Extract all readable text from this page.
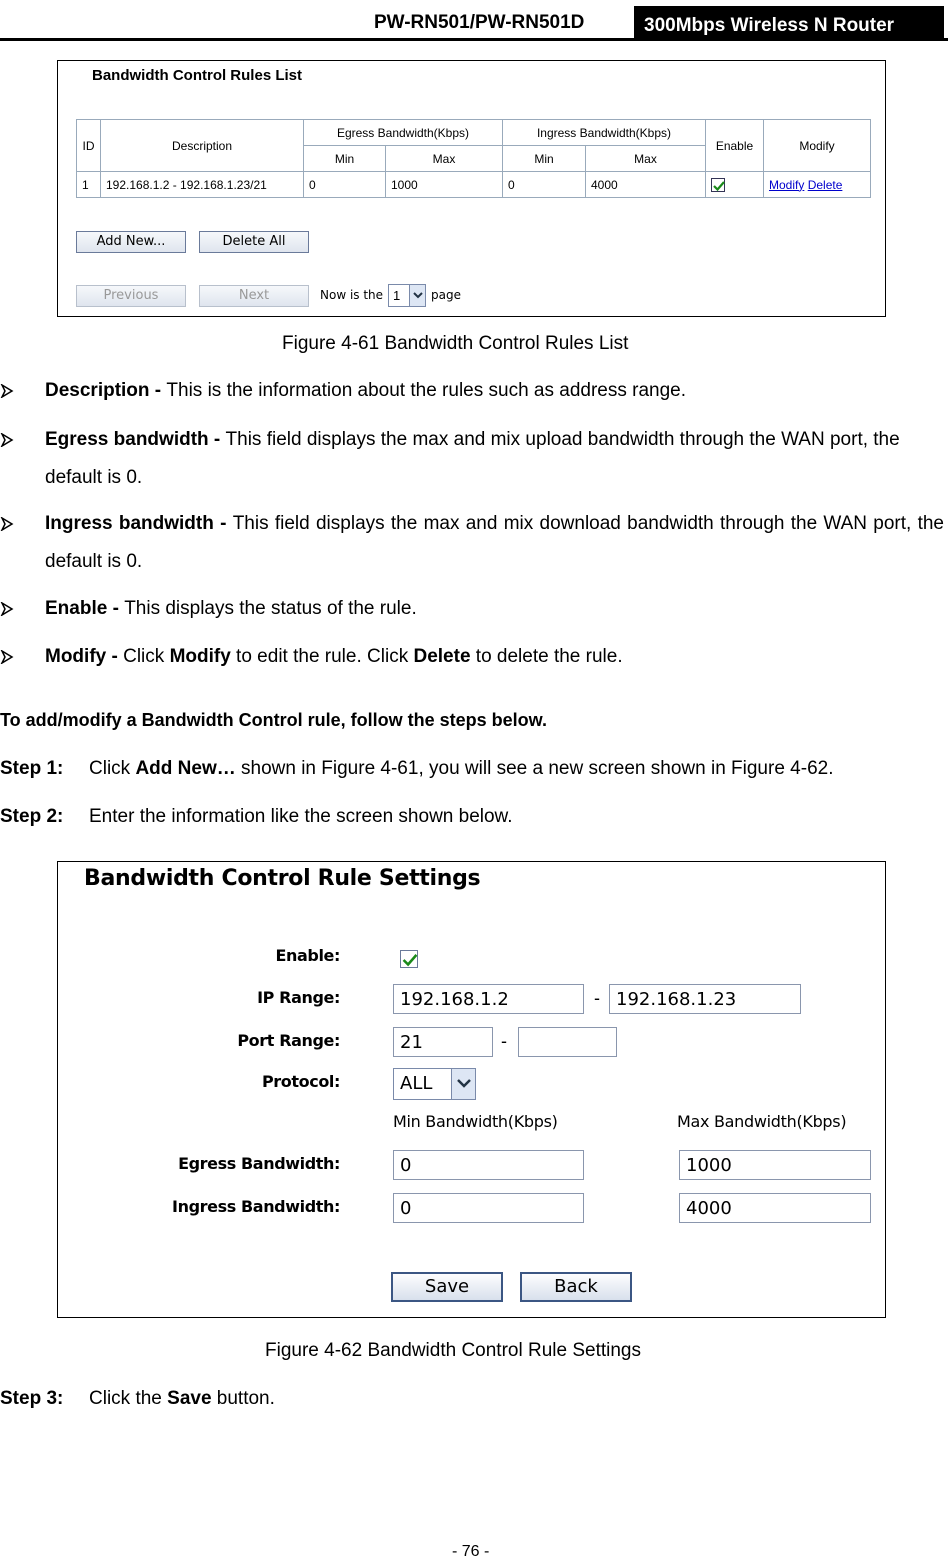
PW-RN501/PW-RN501D	300Mbps Wireless N Router
Bandwidth Control Rules List
ID	Description	Egress Bandwidth(Kbps)		Ingress Bandwidth(Kbps)		Enable	Modify
		Min	Max	Min	Max		
1	192.168.1.2 - 192.168.1.23/21	0	1000	0	4000		Modify Delete
Add New...	Delete All
Previous	Next	Now is the 1	page
Figure 4-61 Bandwidth Control Rules List
Description - This is the information about the rules such as address range.
Egress bandwidth - This field displays the max and mix upload bandwidth through the WAN port, the default is 0.
Ingress bandwidth - This field displays the max and mix download bandwidth through the WAN port, the default is 0.
Enable - This displays the status of the rule.
Modify - Click Modify to edit the rule. Click Delete to delete the rule.
To add/modify a Bandwidth Control rule, follow the steps below.
Step 1: Click Add New… shown in Figure 4-61, you will see a new screen shown in Figure 4-62.
Step 2: Enter the information like the screen shown below.
Bandwidth Control Rule Settings
Enable:
IP Range:	192.168.1.2	- 192.168.1.23
Port Range:	21	-
Protocol:	ALL
Min Bandwidth(Kbps)	Max Bandwidth(Kbps)
Egress Bandwidth:	0	1000
Ingress Bandwidth:	0	4000
Save	Back
Figure 4-62 Bandwidth Control Rule Settings
Step 3: Click the Save button.
- 76 -
